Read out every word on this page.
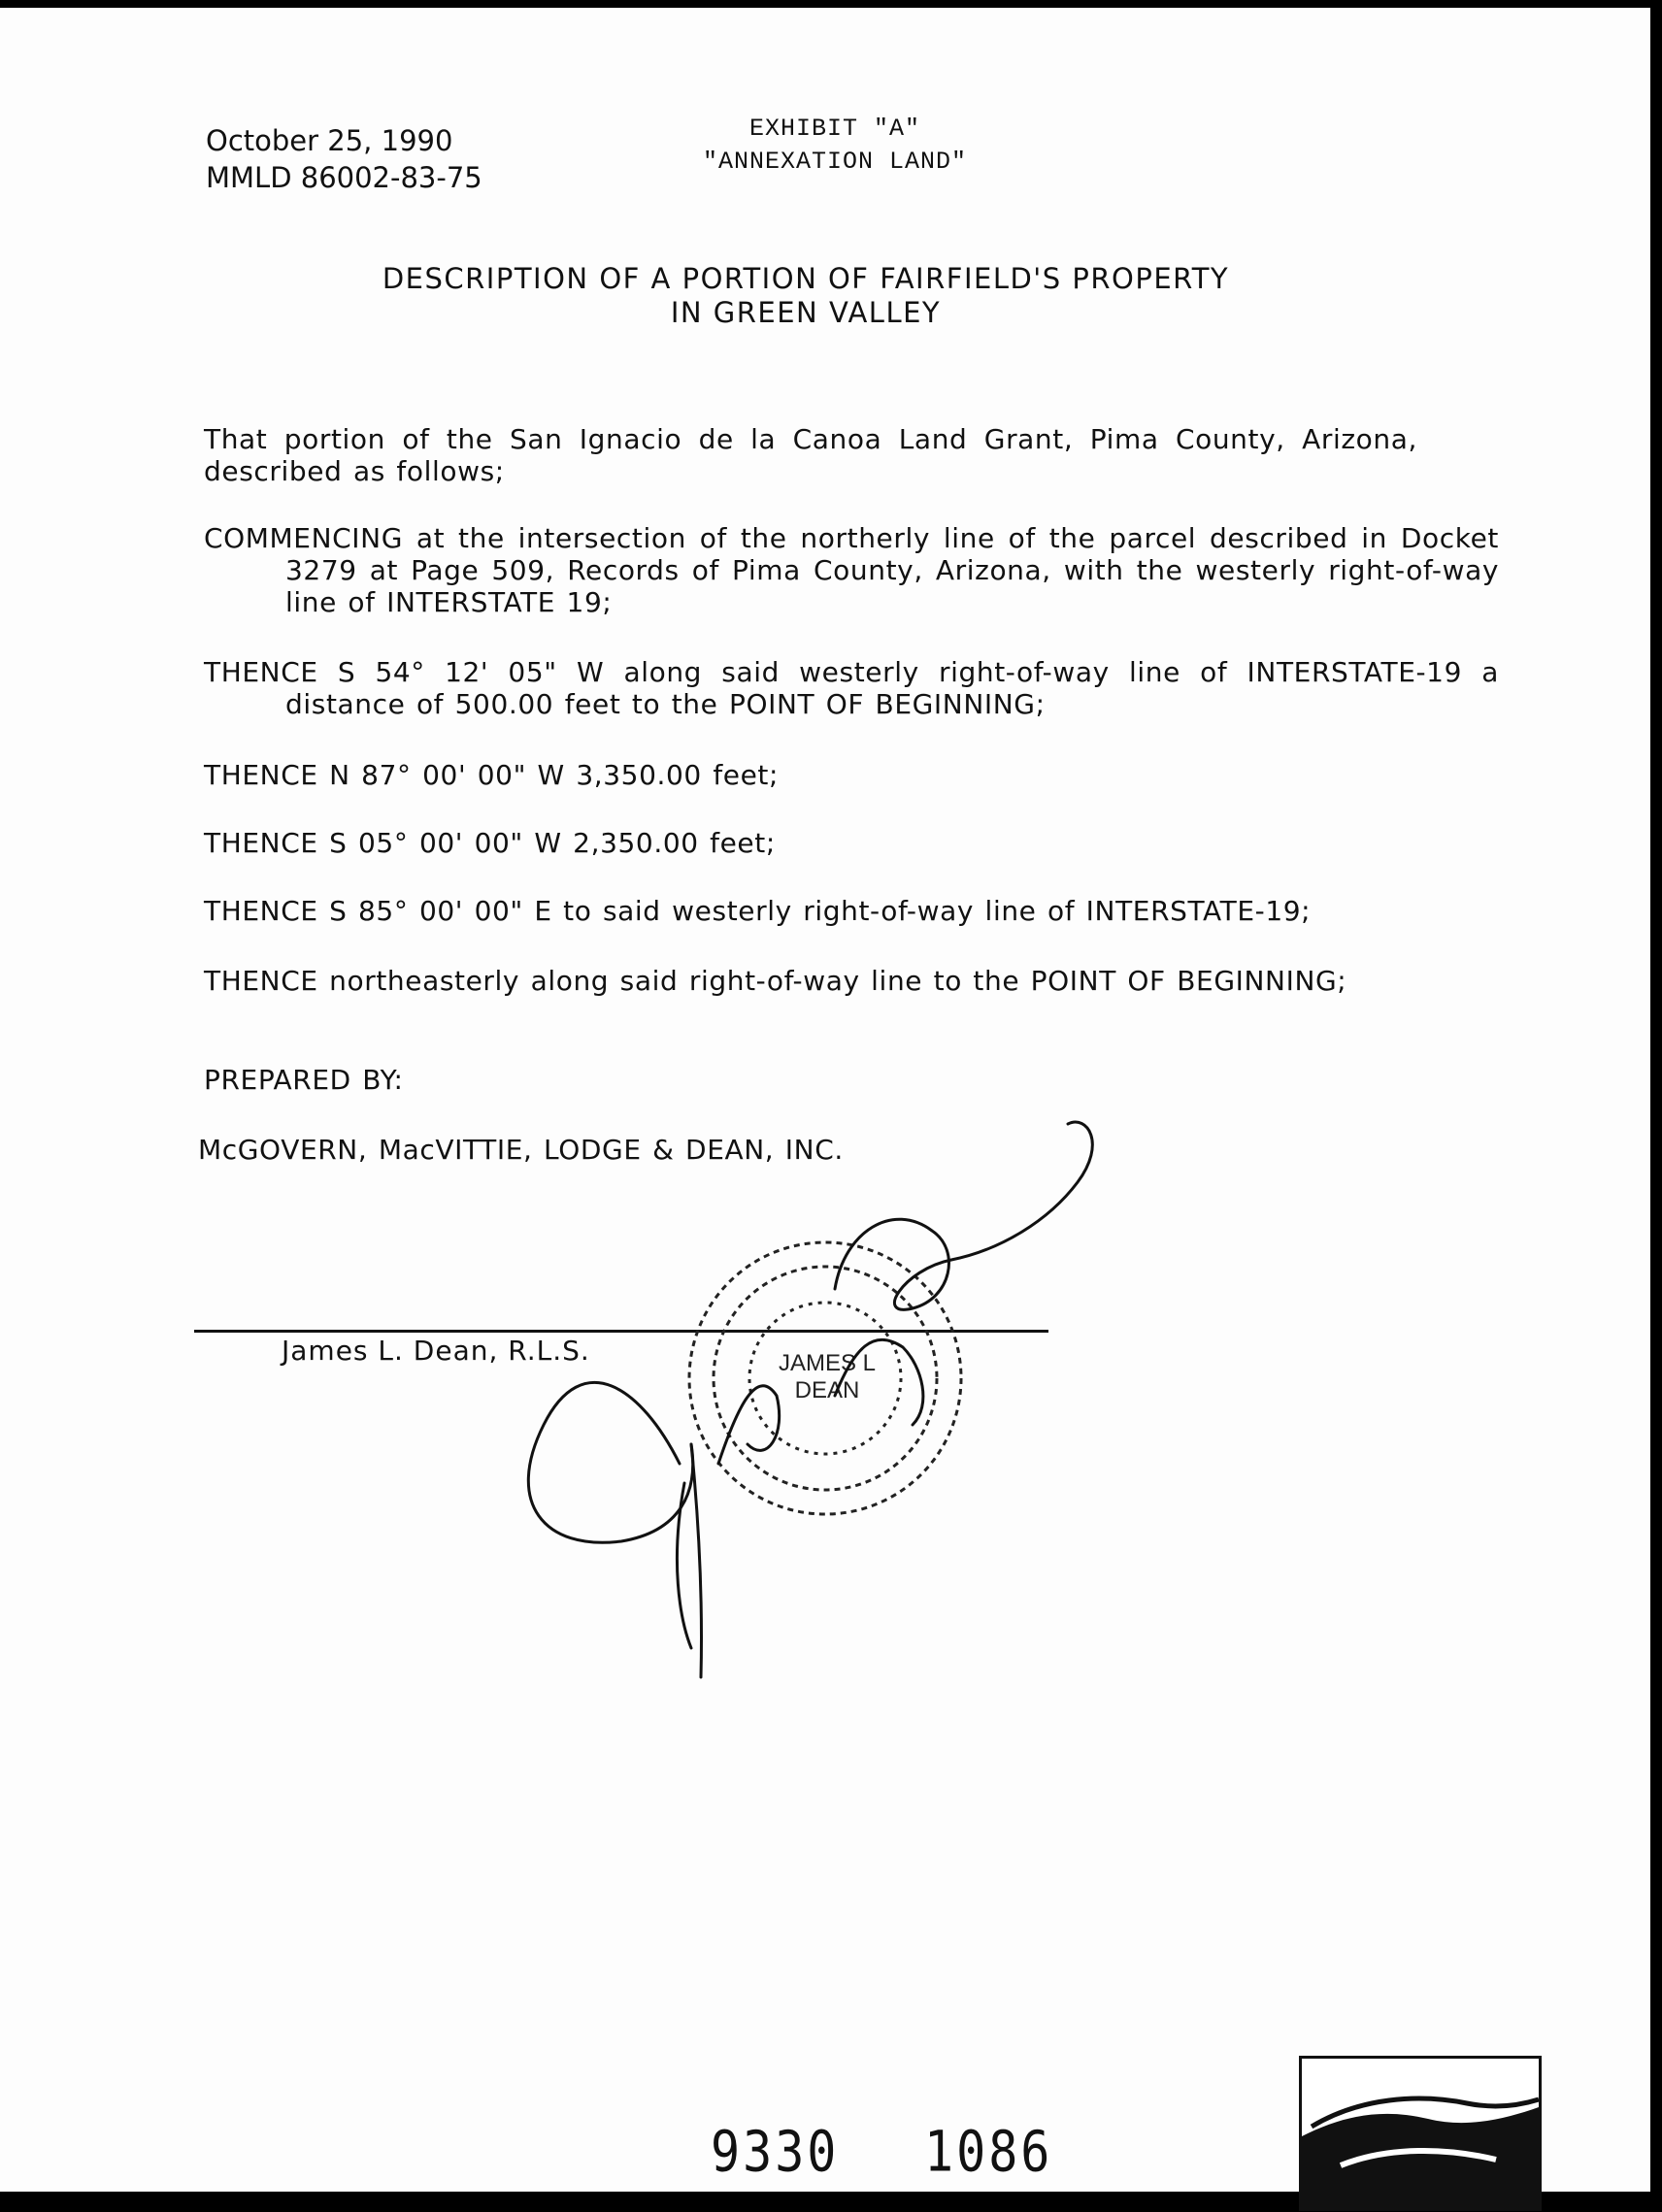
October 25, 1990
MMLD 86002-83-75
EXHIBIT "A"
"ANNEXATION LAND"
DESCRIPTION OF A PORTION OF FAIRFIELD'S PROPERTY
IN GREEN VALLEY

That portion of the San Ignacio de la Canoa Land Grant, Pima County, Arizona, described as follows;

COMMENCING at the intersection of the northerly line of the parcel described in Docket 3279 at Page 509, Records of Pima County, Arizona, with the westerly right-of-way line of INTERSTATE 19;

THENCE S 54° 12' 05" W along said westerly right-of-way line of INTERSTATE-19 a distance of 500.00 feet to the POINT OF BEGINNING;

THENCE N 87° 00' 00" W 3,350.00 feet;

THENCE S 05° 00' 00" W 2,350.00 feet;

THENCE S 85° 00' 00" E to said westerly right-of-way line of INTERSTATE-19;

THENCE northeasterly along said right-of-way line to the POINT OF BEGINNING;

PREPARED BY:

McGOVERN, MacVITTIE, LODGE & DEAN, INC.

James L. Dean, R.L.S.	JAMES L
DEAN
9330 1086
